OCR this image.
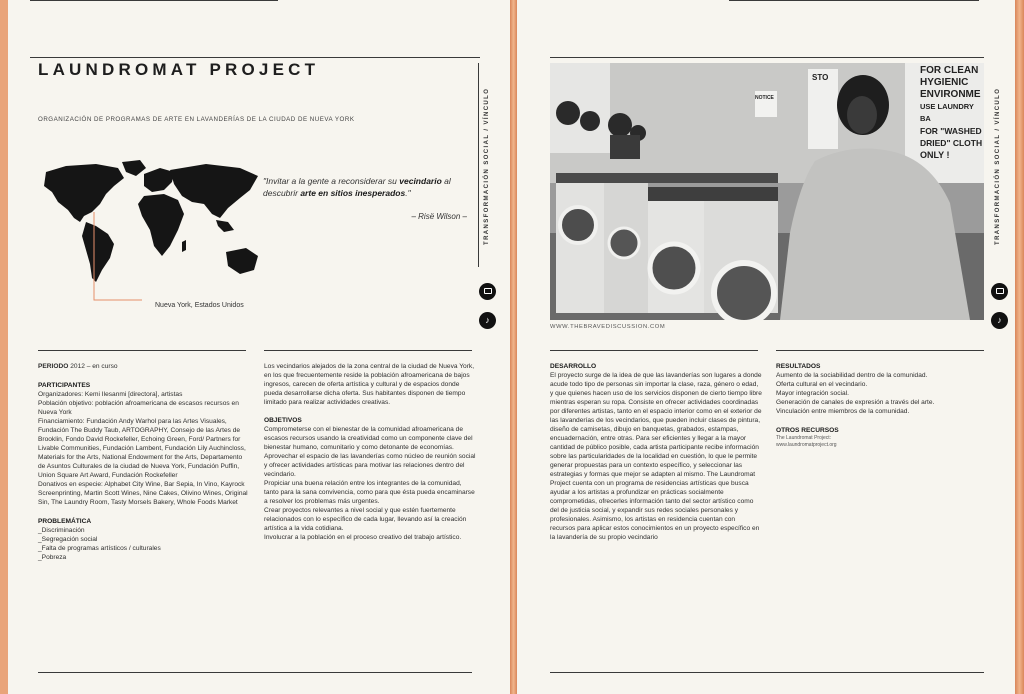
LAUNDROMAT PROJECT
ORGANIZACIÓN DE PROGRAMAS DE ARTE EN LAVANDERÍAS DE LA CIUDAD DE NUEVA YORK
Nueva York, Estados Unidos
"Invitar a la gente a reconsiderar su vecindario al descubrir arte en sitios inesperados."
– Risë Wilson –	TRANSFORMACIÓN SOCIAL / VÍNCULO
♪

PERIODO 2012 – en curso

PARTICIPANTES

Organizadores: Kemi Ilesanmi [directora], artistas

Población objetivo: población afroamericana de escasos recursos en Nueva York

Financiamiento: Fundación Andy Warhol para las Artes Visuales, Fundación The Buddy Taub, ARTOGRAPHY, Consejo de las Artes de Brooklin, Fondo David Rockefeller, Echoing Green, Ford/ Partners for Livable Communities, Fundación Lambent, Fundación Lily Auchincloss, Materials for the Arts, National Endowment for the Arts, Departamento de Asuntos Culturales de la ciudad de Nueva York, Fundación Puffin, Union Square Art Award, Fundación Rockefeller

Donativos en especie: Alphabet City Wine, Bar Sepia, In Vino, Kayrock Screenprinting, Martin Scott Wines, Nine Cakes, Olivino Wines, Original Sin, The Laundry Room, Tasty Morsels Bakery, Whole Foods Market

PROBLEMÁTICA

_Discriminación

_Segregación social

_Falta de programas artísticos / culturales

_Pobreza

Los vecindarios alejados de la zona central de la ciudad de Nueva York, en los que frecuentemente reside la población afroamericana de bajos ingresos, carecen de oferta artística y cultural y de espacios donde pueda desarrollarse dicha oferta. Sus habitantes disponen de tiempo limitado para realizar actividades creativas.

OBJETIVOS

Comprometerse con el bienestar de la comunidad afroamericana de escasos recursos usando la creatividad como un componente clave del bienestar humano, comunitario y como detonante de economías.

Aprovechar el espacio de las lavanderías como núcleo de reunión social y ofrecer actividades artísticas para motivar las relaciones dentro del vecindario.

Propiciar una buena relación entre los integrantes de la comunidad, tanto para la sana convivencia, como para que ésta pueda encaminarse a resolver los problemas más urgentes.

Crear proyectos relevantes a nivel social y que estén fuertemente relacionados con lo específico de cada lugar, llevando así la creación artística a la vida cotidiana.

Involucrar a la población en el proceso creativo del trabajo artístico.

FOR CLEAN
HYGIENIC
ENVIRONME
USE LAUNDRY BA
FOR "WASHED
DRIED" CLOTH
ONLY !
NOTICE
STO
WWW.THEBRAVEDISCUSSION.COM
TRANSFORMACIÓN SOCIAL / VÍNCULO
♪
DESARROLLO

El proyecto surge de la idea de que las lavanderías son lugares a donde acude todo tipo de personas sin importar la clase, raza, género o edad, y que quienes hacen uso de los servicios disponen de cierto tiempo libre mientras esperan su ropa. Consiste en ofrecer actividades coordinadas por diferentes artistas, tanto en el espacio interior como en el exterior de las lavanderías de los vecindarios, que pueden incluir clases de pintura, diseño de camisetas, dibujo en banquetas, grabados, estampas, encuadernación, entre otras. Para ser eficientes y llegar a la mayor cantidad de público posible, cada artista participante recibe información sobre las particularidades de la localidad en cuestión, lo que le permite generar propuestas para un contexto específico, y seleccionar las estrategias y formas que mejor se adapten al mismo. The Laundromat Project cuenta con un programa de residencias artísticas que busca ayudar a los artistas a profundizar en prácticas socialmente comprometidas, ofrecerles información tanto del sector artístico como del de justicia social, y expandir sus redes sociales personales y profesionales. Asimismo, los artistas en residencia cuentan con recursos para aplicar estos conocimientos en un proyecto específico en la lavandería de su propio vecindario

RESULTADOS

Aumento de la sociabilidad dentro de la comunidad.

Oferta cultural en el vecindario.

Mayor integración social.

Generación de canales de expresión a través del arte.

Vinculación entre miembros de la comunidad.

OTROS RECURSOS

The Laundromat Project:

www.laundromatproject.org
